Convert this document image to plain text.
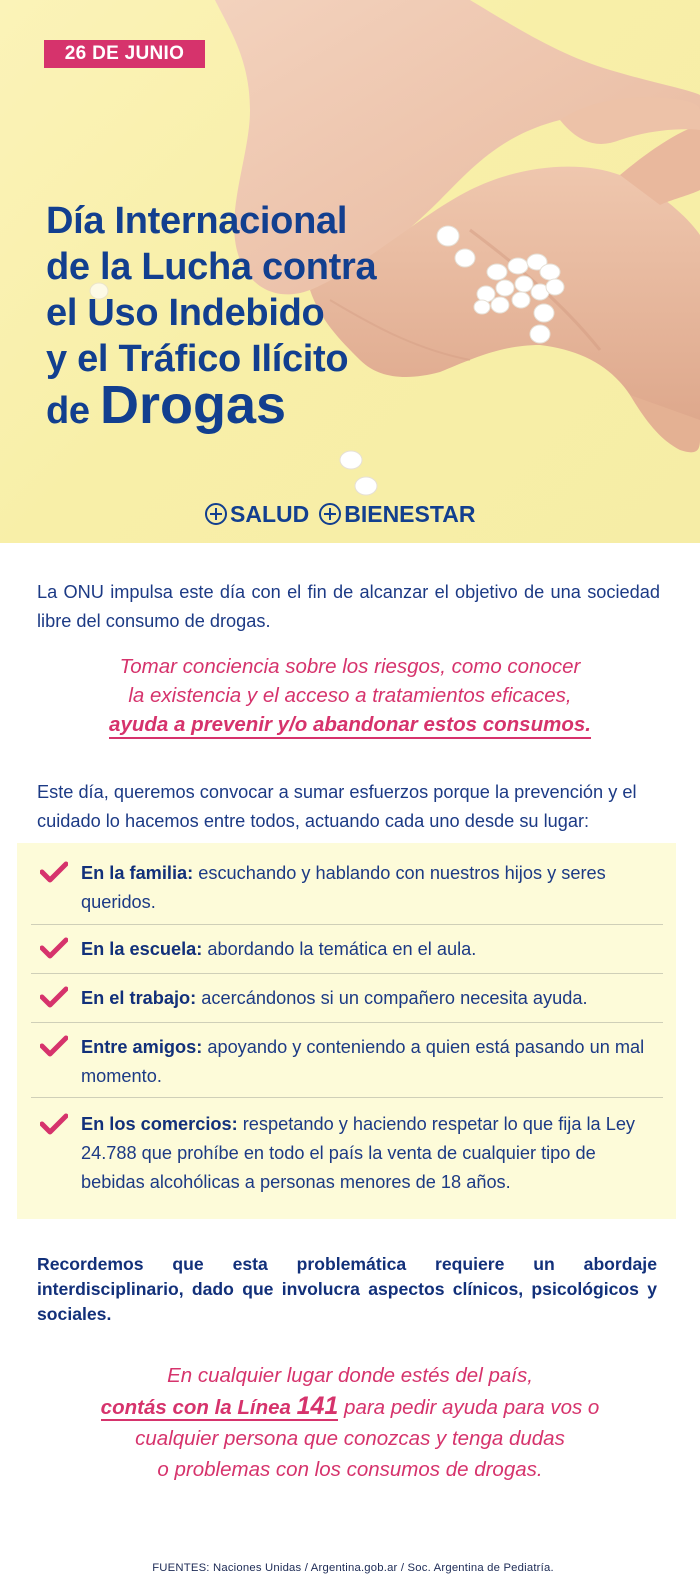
26 DE JUNIO
Día Internacional
de la Lucha contra
el Uso Indebido
y el Tráfico Ilícito
de Drogas
SALUD BIENESTAR

La ONU impulsa este día con el fin de alcanzar el objetivo de una sociedad libre del consumo de drogas.

Tomar conciencia sobre los riesgos, como conocer
la existencia y el acceso a tratamientos eficaces,
ayuda a prevenir y/o abandonar estos consumos.

Este día, queremos convocar a sumar esfuerzos porque la prevención y el cuidado lo hacemos entre todos, actuando cada uno desde su lugar:

En la familia: escuchando y hablando con nuestros hijos y seres queridos.
En la escuela: abordando la temática en el aula.
En el trabajo: acercándonos si un compañero necesita ayuda.
Entre amigos: apoyando y conteniendo a quien está pasando un mal momento.
En los comercios: respetando y haciendo respetar lo que fija la Ley 24.788 que prohíbe en todo el país la venta de cualquier tipo de bebidas alcohólicas a personas menores de 18 años.

Recordemos que esta problemática requiere un abordaje interdisciplinario, dado que involucra aspectos clínicos, psicológicos y sociales.

En cualquier lugar donde estés del país,
contás con la Línea 141 para pedir ayuda para vos o
cualquier persona que conozcas y tenga dudas
o problemas con los consumos de drogas.
FUENTES: Naciones Unidas / Argentina.gob.ar / Soc. Argentina de Pediatría.
